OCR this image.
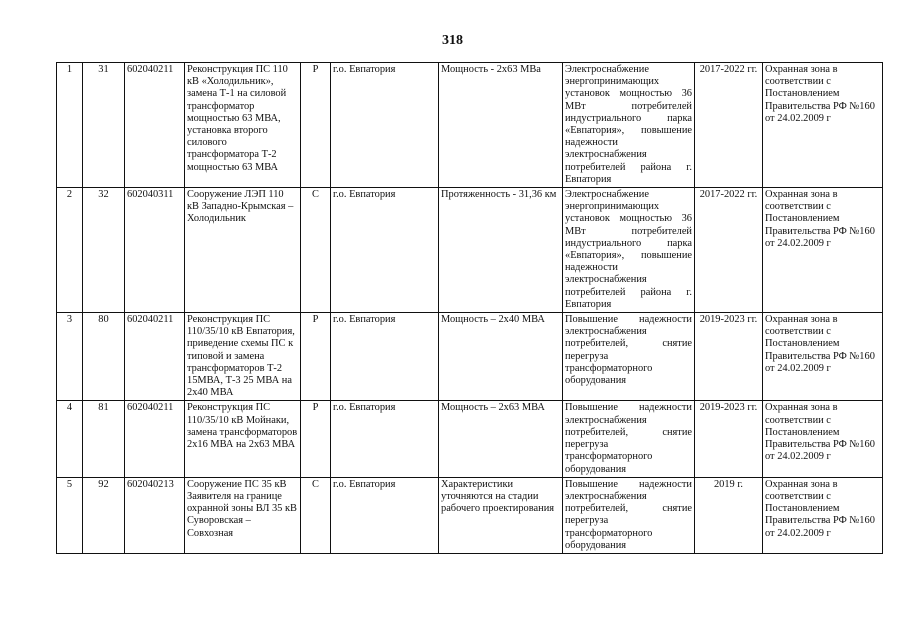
318
1	31	602040211	Реконструкция ПС 110 кВ «Холодильник», замена Т-1 на силовой трансформатор мощностью 63 МВА, установка второго силового трансформатора Т-2 мощностью 63 МВА	Р	г.о. Евпатория	Мощность - 2х63 МВа	Электроснабжение энергопринимающих установок мощностью 36 МВт потребителей индустриального парка «Евпатория», повышение надежности электроснабжения потребителей района г. Евпатория	2017-2022 гг.	Охранная зона в соответствии с Постановлением Правительства РФ №160 от 24.02.2009 г
2	32	602040311	Сооружение ЛЭП 110 кВ Западно-Крымская – Холодильник	С	г.о. Евпатория	Протяженность - 31,36 км	Электроснабжение энергопринимающих установок мощностью 36 МВт потребителей индустриального парка «Евпатория», повышение надежности электроснабжения потребителей района г. Евпатория	2017-2022 гг.	Охранная зона в соответствии с Постановлением Правительства РФ №160 от 24.02.2009 г
3	80	602040211	Реконструкция ПС 110/35/10 кВ Евпатория, приведение схемы ПС к типовой и замена трансформаторов Т-2 15МВА, Т-3 25 МВА на 2х40 МВА	Р	г.о. Евпатория	Мощность – 2х40 МВА	Повышение надежности электроснабжения потребителей, снятие перегруза трансформаторного оборудования	2019-2023 гг.	Охранная зона в соответствии с Постановлением Правительства РФ №160 от 24.02.2009 г
4	81	602040211	Реконструкция ПС 110/35/10 кВ Мойнаки, замена трансформаторов 2х16 МВА на 2х63 МВА	Р	г.о. Евпатория	Мощность – 2х63 МВА	Повышение надежности электроснабжения потребителей, снятие перегруза трансформаторного оборудования	2019-2023 гг.	Охранная зона в соответствии с Постановлением Правительства РФ №160 от 24.02.2009 г
5	92	602040213	Сооружение ПС 35 кВ Заявителя на границе охранной зоны ВЛ 35 кВ Суворовская – Совхозная	С	г.о. Евпатория	Характеристики уточняются на стадии рабочего проектирования	Повышение надежности электроснабжения потребителей, снятие перегруза трансформаторного оборудования	2019 г.	Охранная зона в соответствии с Постановлением Правительства РФ №160 от 24.02.2009 г
